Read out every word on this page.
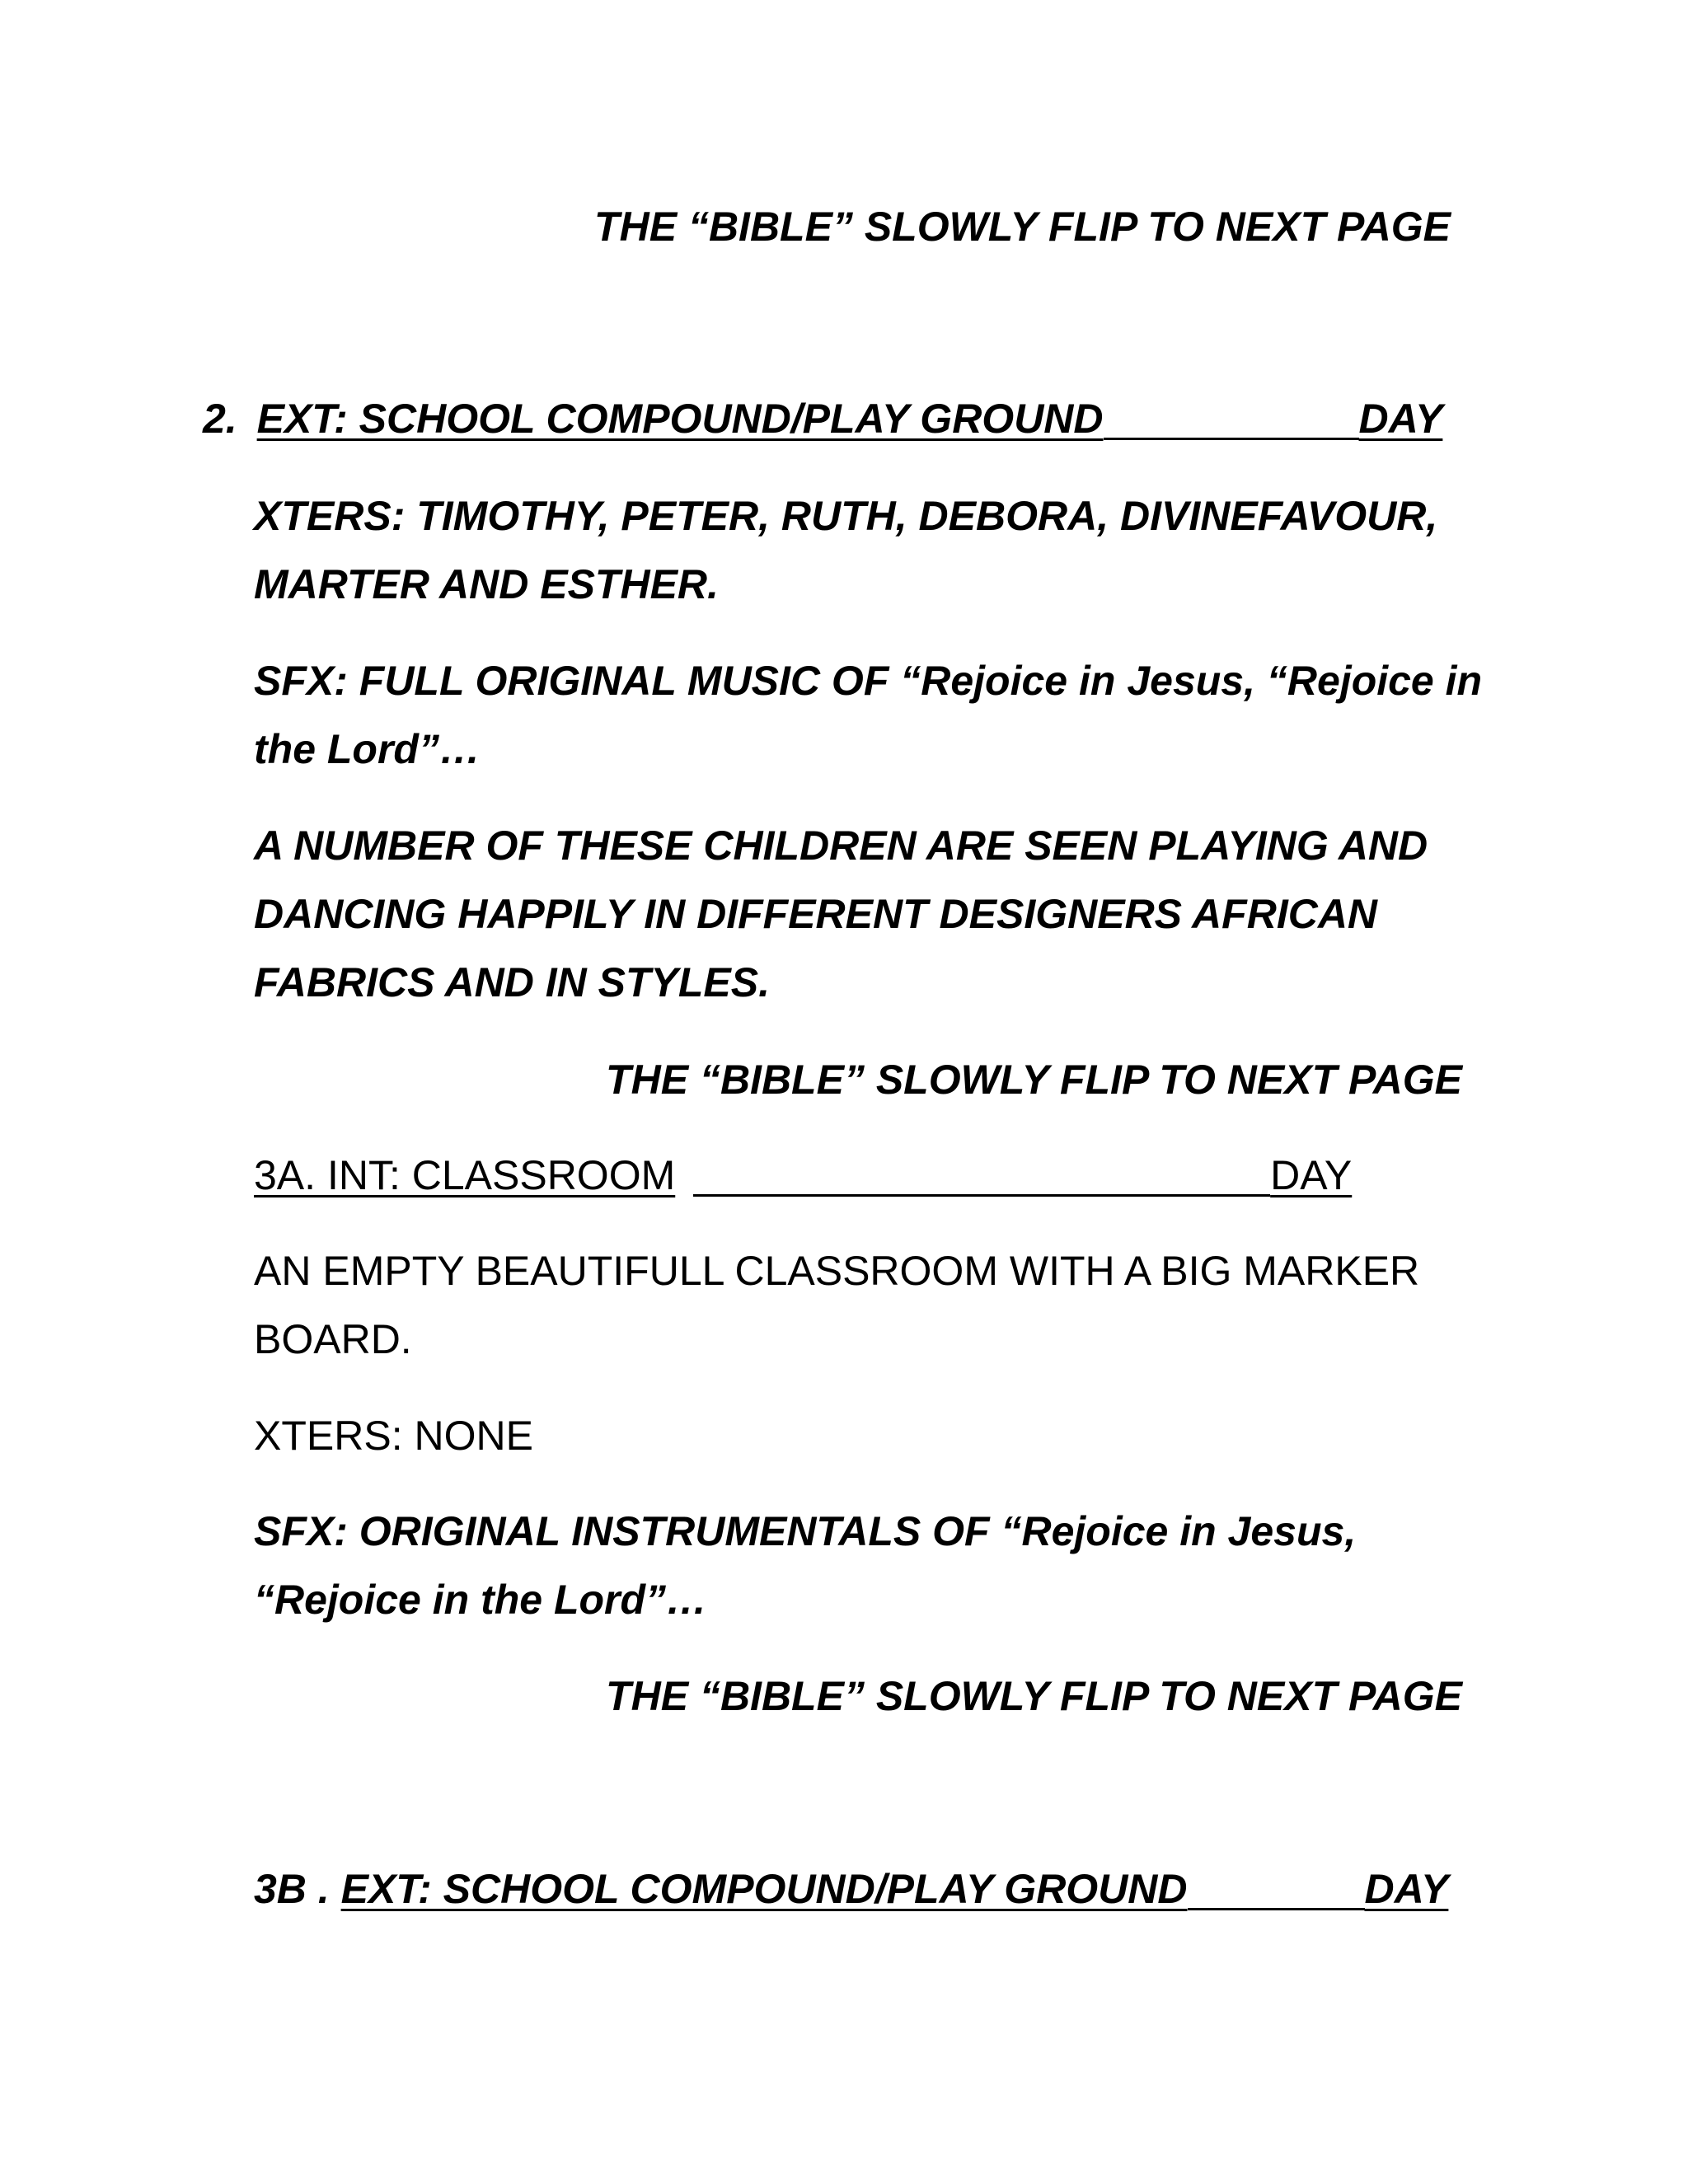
THE “BIBLE” SLOWLY FLIP TO NEXT PAGE
2. EXT: SCHOOL COMPOUND/PLAY GROUND	DAY
XTERS: TIMOTHY, PETER, RUTH, DEBORA, DIVINEFAVOUR,
MARTER AND ESTHER.
SFX: FULL ORIGINAL MUSIC OF “Rejoice in Jesus, “Rejoice in
the Lord”…
A NUMBER OF THESE CHILDREN ARE SEEN PLAYING AND
DANCING HAPPILY IN DIFFERENT DESIGNERS AFRICAN
FABRICS AND IN STYLES.
THE “BIBLE” SLOWLY FLIP TO NEXT PAGE
3A. INT: CLASSROOM	DAY
AN EMPTY BEAUTIFULL CLASSROOM WITH A BIG MARKER
BOARD.
XTERS: NONE
SFX: ORIGINAL INSTRUMENTALS OF “Rejoice in Jesus,
“Rejoice in the Lord”…
THE “BIBLE” SLOWLY FLIP TO NEXT PAGE
3B . EXT: SCHOOL COMPOUND/PLAY GROUND	DAY
